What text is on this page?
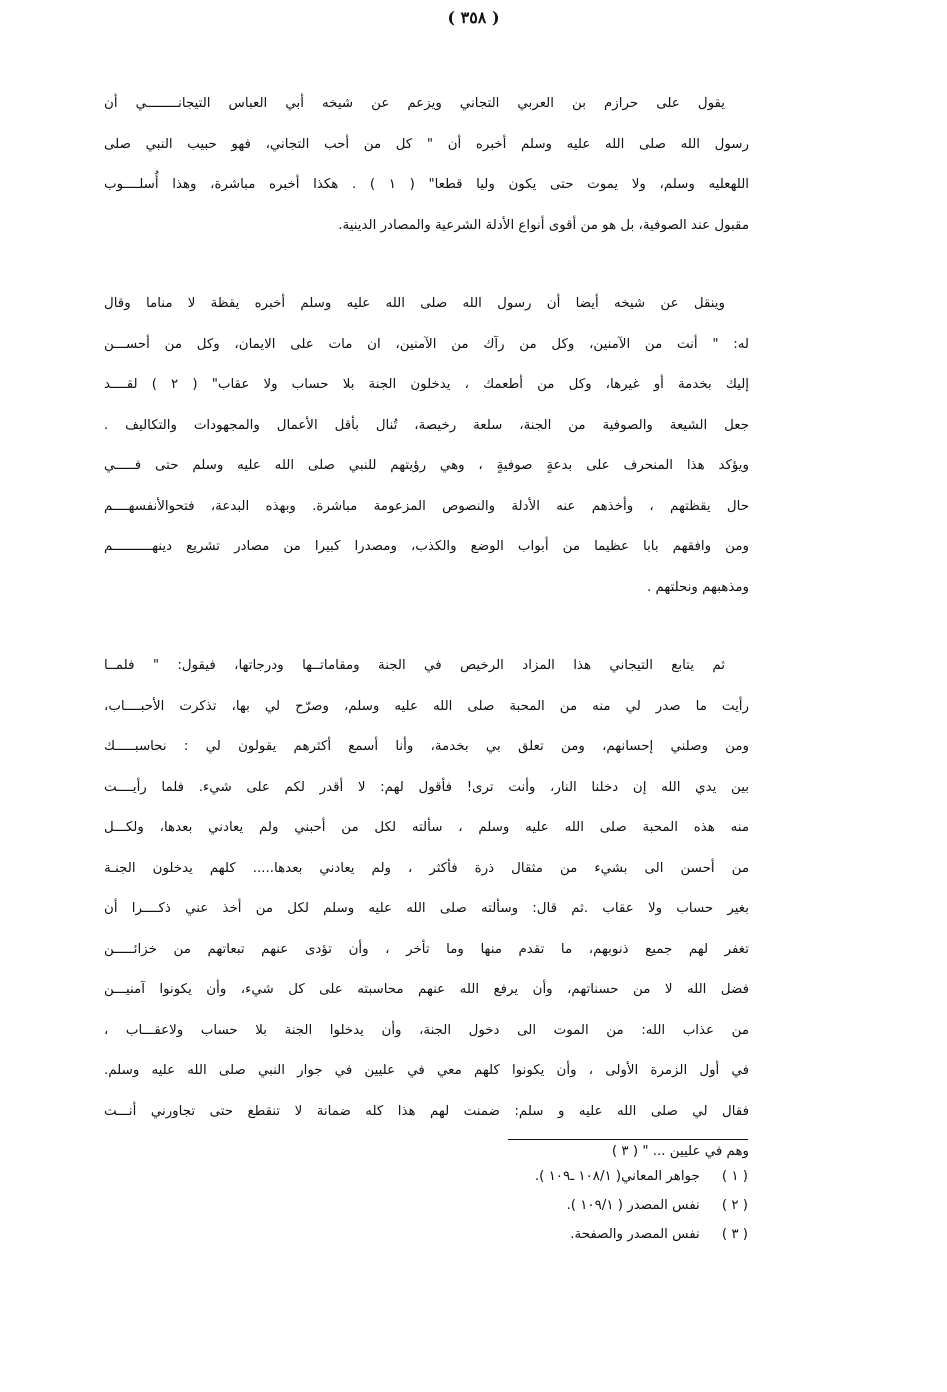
( ٣٥٨ )
يقول على حرازم بن العربي التجاني ويزعم عن شيخه أبي العباس التيجانــــــــي أن
رسول الله صلى الله عليه وسلم أخبره أن " كل من أحب التجاني، فهو حبيب النبي صلى
اللهعليه وسلم، ولا يموت حتى يكون وليا قطعا" ( ١ ) . هكذا أخبره مباشرة، وهذا أُسلــــوب
مقبول عند الصوفية، بل هو من أقوى أنواع الأدلة الشرعية والمصادر الدينية.
وينقل عن شيخه أيضا أن رسول الله صلى الله عليه وسلم أخبره يقظة لا مناما وقال
له: " أنت من الآمنين، وكل من رآك من الآمنين، ان مات على الايمان، وكل من أحســـن
إليك بخدمة أو غيرها، وكل من أطعمك ، يدخلون الجنة بلا حساب ولا عقاب" ( ٢ ) لقــــد
جعل الشيعة والصوفية من الجنة، سلعة رخيصة، تُنال بأقل الأعمال والمجهودات والتكاليف .
ويؤكد هذا المنحرف على بدعةٍ صوفيةٍ ، وهي رؤيتهم للنبي صلى الله عليه وسلم حتى فـــــي
حال يقظتهم ، وأخذهم عنه الأدلة والنصوص المزعومة مباشرة. وبهذه البدعة، فتحوالأنفسهــــم
ومن وافقهم بابا عظيما من أبواب الوضع والكذب، ومصدرا كبيرا من مصادر تشريع دينهــــــــــم
ومذهبهم ونحلتهم .
ثم يتابع التيجاني هذا المزاد الرخيص في الجنة ومقاماتــها ودرجاتها، فيقول: " فلمــا
رأيت ما صدر لي منه من المحبة صلى الله عليه وسلم، وصرّح لي بها، تذكرت الأحبــــاب،
ومن وصلني إحسانهم، ومن تعلق بي بخدمة، وأنا أسمع أكثرهم يقولون لي : نحاسبـــــك
بين يدي الله إن دخلنا النار، وأنت ترى! فأقول لهم: لا أقدر لكم على شيء. فلما رأيــــت
منه هذه المحبة صلى الله عليه وسلم ، سألته لكل من أحبني ولم يعادني بعدها، ولكـــل
من أحسن الى بشيء من مثقال ذرة فأكثر ، ولم يعادني بعدها..... كلهم يدخلون الجنـة
بغير حساب ولا عقاب .ثم قال: وسألته صلى الله عليه وسلم لكل من أخذ عني ذكــــرا أن
تغفر لهم جميع ذنوبهم، ما تقدم منها وما تأخر ، وأن تؤدى عنهم تبعاتهم من خزائـــــن
فضل الله لا من حسناتهم، وأن يرفع الله عنهم محاسبته على كل شيء، وأن يكونوا آمنيـــن
من عذاب الله: من الموت الى دخول الجنة، وأن يدخلوا الجنة بلا حساب ولاعقـــاب ،
في أول الزمرة الأولى ، وأن يكونوا كلهم معي في عليين في جوار النبي صلى الله عليه وسلم.
فقال لي صلى الله عليه و سلم: ضمنت لهم هذا كله ضمانة لا تنقطع حتى تجاورني أنـــت
وهم في عليين ... " ( ٣ )
( ١ ) جواهر المعاني( ١٠٨/١ ـ١٠٩ ).
( ٢ ) نفس المصدر ( ١٠٩/١ ).
( ٣ ) نفس المصدر والصفحة.
